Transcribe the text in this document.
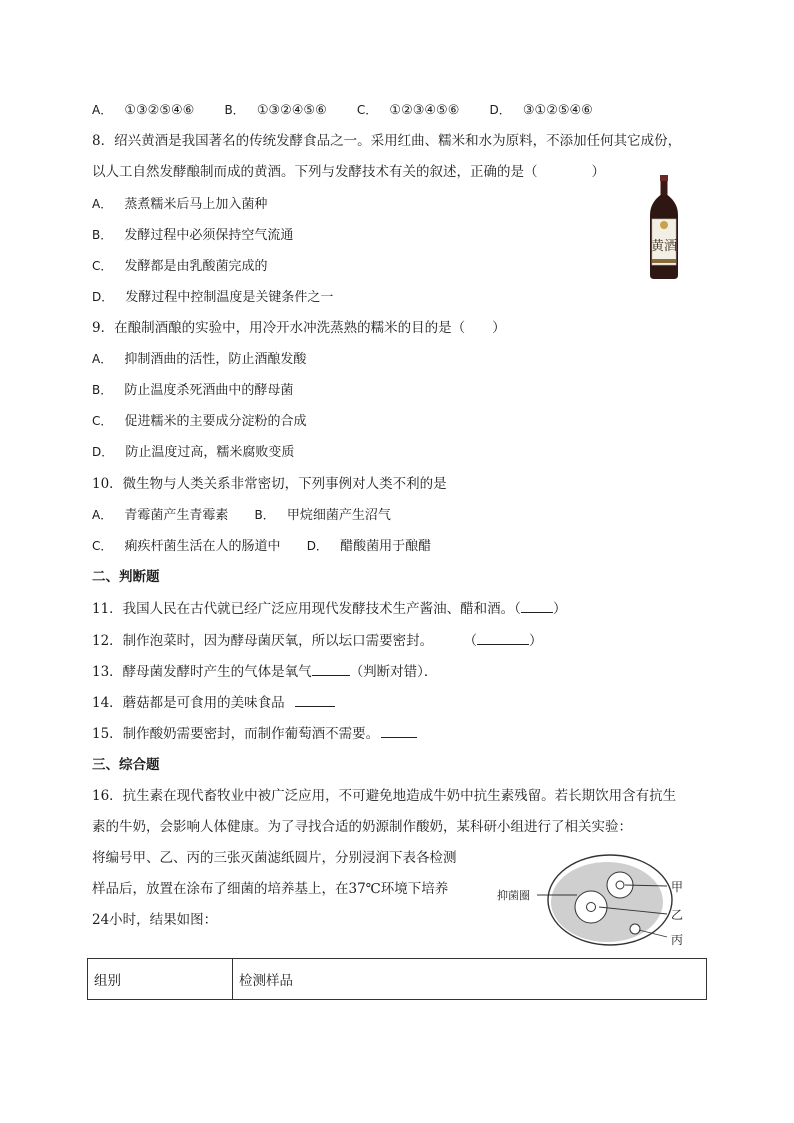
A． ①③②⑤④⑥	B． ①③②④⑤⑥	C． ①②③④⑤⑥	D． ③①②⑤④⑥
8．绍兴黄酒是我国著名的传统发酵食品之一。采用红曲、糯米和水为原料，不添加任何其它成份，
以人工自然发酵酿制而成的黄酒。下列与发酵技术有关的叙述，正确的是（　　　　）
A． 蒸煮糯米后马上加入菌种
B． 发酵过程中必须保持空气流通
C． 发酵都是由乳酸菌完成的
D． 发酵过程中控制温度是关键条件之一
黄酒
9．在酿制酒酿的实验中，用冷开水冲洗蒸熟的糯米的目的是（　　）
A． 抑制酒曲的活性，防止酒酿发酸
B． 防止温度杀死酒曲中的酵母菌
C． 促进糯米的主要成分淀粉的合成
D． 防止温度过高，糯米腐败变质
10．微生物与人类关系非常密切，下列事例对人类不利的是
A． 青霉菌产生青霉素 B． 甲烷细菌产生沼气
C． 痢疾杆菌生活在人的肠道中 D． 醋酸菌用于酿醋
二、判断题
11．我国人民在古代就已经广泛应用现代发酵技术生产酱油、醋和酒。（ ）
12．制作泡菜时，因为酵母菌厌氧，所以坛口需要密封。 （	）
13．酵母菌发酵时产生的气体是氧气	（判断对错）．
14．蘑菇都是可食用的美味食品
15．制作酸奶需要密封，而制作葡萄酒不需要。
三、综合题
16．抗生素在现代畜牧业中被广泛应用，不可避免地造成牛奶中抗生素残留。若长期饮用含有抗生
素的牛奶，会影响人体健康。为了寻找合适的奶源制作酸奶，某科研小组进行了相关实验：
将编号甲、乙、丙的三张灭菌滤纸圆片，分别浸润下表各检测
样品后，放置在涂布了细菌的培养基上，在37℃环境下培养
24小时，结果如图：
抑菌圈
甲
乙
丙
组别	检测样品
